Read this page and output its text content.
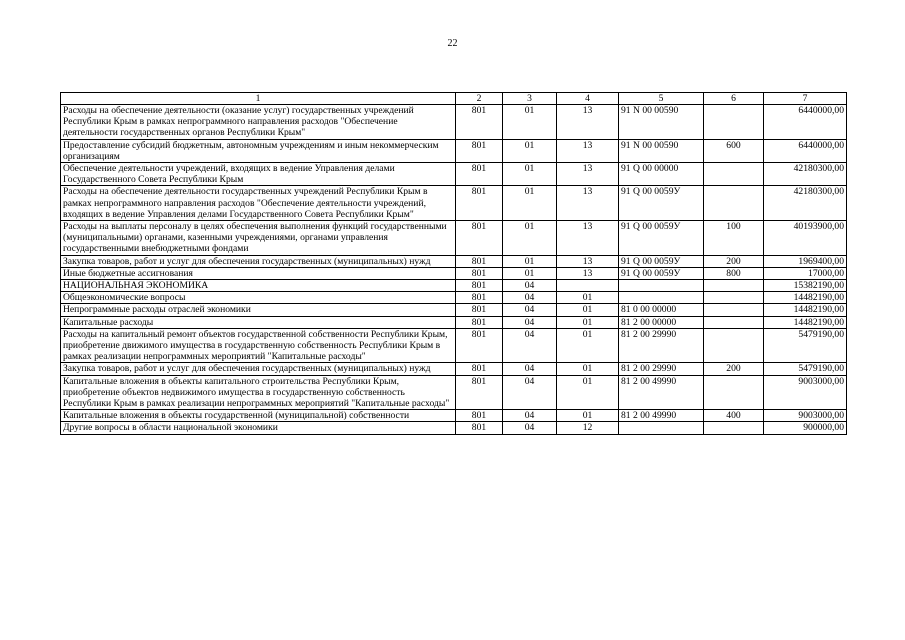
22
1	2	3	4	5	6	7
Расходы на обеспечение деятельности (оказание услуг) государственных учреждений Республики Крым в рамках непрограммного направления расходов "Обеспечение деятельности государственных органов Республики Крым"	801	01	13	91 N 00 00590		6440000,00
Предоставление субсидий бюджетным, автономным учреждениям и иным некоммерческим организациям	801	01	13	91 N 00 00590	600	6440000,00
Обеспечение деятельности учреждений, входящих в ведение Управления делами Государственного Совета Республики Крым	801	01	13	91 Q 00 00000		42180300,00
Расходы на обеспечение деятельности государственных учреждений Республики Крым в рамках непрограммного направления расходов "Обеспечение деятельности учреждений, входящих в ведение Управления делами Государственного Совета Республики Крым"	801	01	13	91 Q 00 0059У		42180300,00
Расходы на выплаты персоналу в целях обеспечения выполнения функций государственными (муниципальными) органами, казенными учреждениями, органами управления государственными внебюджетными фондами	801	01	13	91 Q 00 0059У	100	40193900,00
Закупка товаров, работ и услуг для обеспечения государственных (муниципальных) нужд	801	01	13	91 Q 00 0059У	200	1969400,00
Иные бюджетные ассигнования	801	01	13	91 Q 00 0059У	800	17000,00
НАЦИОНАЛЬНАЯ ЭКОНОМИКА	801	04				15382190,00
Общеэкономические вопросы	801	04	01			14482190,00
Непрограммные расходы отраслей экономики	801	04	01	81 0 00 00000		14482190,00
Капитальные расходы	801	04	01	81 2 00 00000		14482190,00
Расходы на капитальный ремонт объектов государственной собственности Республики Крым, приобретение движимого имущества в государственную собственность Республики Крым в рамках реализации непрограммных мероприятий "Капитальные расходы"	801	04	01	81 2 00 29990		5479190,00
Закупка товаров, работ и услуг для обеспечения государственных (муниципальных) нужд	801	04	01	81 2 00 29990	200	5479190,00
Капитальные вложения в объекты капитального строительства Республики Крым, приобретение объектов недвижимого имущества в государственную собственность Республики Крым в рамках реализации непрограммных мероприятий "Капитальные расходы"	801	04	01	81 2 00 49990		9003000,00
Капитальные вложения в объекты государственной (муниципальной) собственности	801	04	01	81 2 00 49990	400	9003000,00
Другие вопросы в области национальной экономики	801	04	12			900000,00
